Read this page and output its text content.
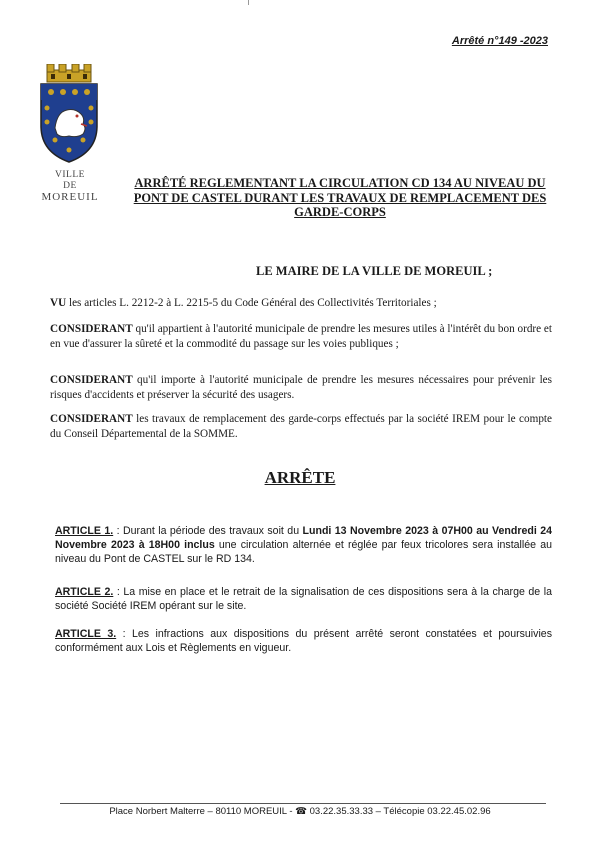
Arrêté n°149 -2023
VILLE
DE
MOREUIL
ARRÊTÉ REGLEMENTANT LA CIRCULATION CD 134 AU NIVEAU DU PONT DE CASTEL DURANT LES TRAVAUX DE REMPLACEMENT DES GARDE-CORPS
LE MAIRE DE LA VILLE DE MOREUIL ;
VU les articles L. 2212-2 à L. 2215-5 du Code Général des Collectivités Territoriales ;
CONSIDERANT qu'il appartient à l'autorité municipale de prendre les mesures utiles à l'intérêt du bon ordre et en vue d'assurer la sûreté et la commodité du passage sur les voies publiques ;
CONSIDERANT qu'il importe à l'autorité municipale de prendre les mesures nécessaires pour prévenir les risques d'accidents et préserver la sécurité des usagers.
CONSIDERANT les travaux de remplacement des garde-corps effectués par la société IREM pour le compte du Conseil Départemental de la SOMME.
ARRÊTE
ARTICLE 1. : Durant la période des travaux soit du Lundi 13 Novembre 2023 à 07H00 au Vendredi 24 Novembre 2023 à 18H00 inclus une circulation alternée et réglée par feux tricolores sera installée au niveau du Pont de CASTEL sur le RD 134.
ARTICLE 2. : La mise en place et le retrait de la signalisation de ces dispositions sera à la charge de la société Société IREM opérant sur le site.
ARTICLE 3. : Les infractions aux dispositions du présent arrêté seront constatées et poursuivies conformément aux Lois et Règlements en vigueur.
Place Norbert Malterre – 80110 MOREUIL - ☎ 03.22.35.33.33 – Télécopie 03.22.45.02.96
